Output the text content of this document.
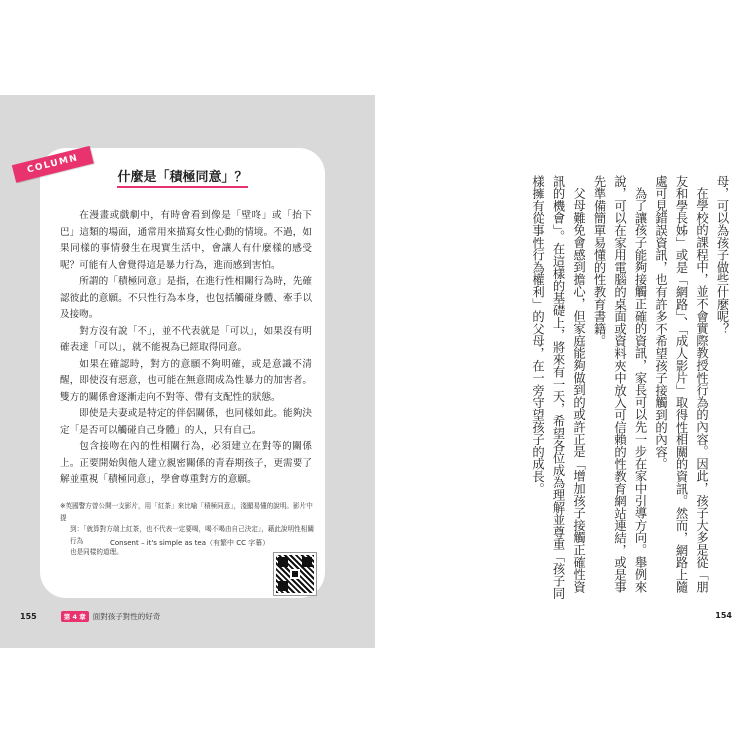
什麼是「積極同意」？

在漫畫或戲劇中，有時會看到像是「壁咚」或「抬下巴」這類的場面，通常用來描寫女性心動的情境。不過，如果同樣的事情發生在現實生活中，會讓人有什麼樣的感受呢？可能有人會覺得這是暴力行為，進而感到害怕。

所謂的「積極同意」是指，在進行性相關行為時，先確認彼此的意願。不只性行為本身，也包括觸碰身體、牽手以及接吻。

對方沒有說「不」，並不代表就是「可以」，如果沒有明確表達「可以」，就不能視為已經取得同意。

如果在確認時，對方的意願不夠明確，或是意識不清醒，即使沒有惡意，也可能在無意間成為性暴力的加害者。雙方的關係會逐漸走向不對等、帶有支配性的狀態。

即使是夫妻或是特定的伴侶關係，也同樣如此。能夠決定「是否可以觸碰自己身體」的人，只有自己。

包含接吻在內的性相關行為，必須建立在對等的關係上。正要開始與他人建立親密關係的青春期孩子，更需要了解並重視「積極同意」，學會尊重對方的意願。

※英國警方曾公開一支影片，用「紅茶」來比喻「積極同意」，淺顯易懂的說明。影片中提
到：「就算對方端上紅茶，也不代表一定要喝，喝不喝由自己決定」，藉此說明性相關行為
也是同樣的道理。
Consent – it's simple as tea（有繁中 CC 字幕）
COLUMN
155	第 4 章 面對孩子對性的好奇

母，可以為孩子做些什麼呢？

在學校的課程中，並不會實際教授性行為的內容。因此，孩子大多是從「朋友和學長姊」或是「網路」、「成人影片」取得性相關的資訊。然而，網路上隨處可見錯誤資訊，也有許多不希望孩子接觸到的內容。

為了讓孩子能夠接觸正確的資訊，家長可以先一步在家中引導方向。舉例來說，可以在家用電腦的桌面或資料夾中放入可信賴的性教育網站連結，或是事先準備簡單易懂的性教育書籍。

父母難免會感到擔心，但家庭能夠做到的或許正是「增加孩子接觸正確性資訊的機會」。在這樣的基礎上，將來有一天，希望各位成為理解並尊重「孩子同樣擁有從事性行為權利」的父母，在一旁守望孩子的成長。

154
